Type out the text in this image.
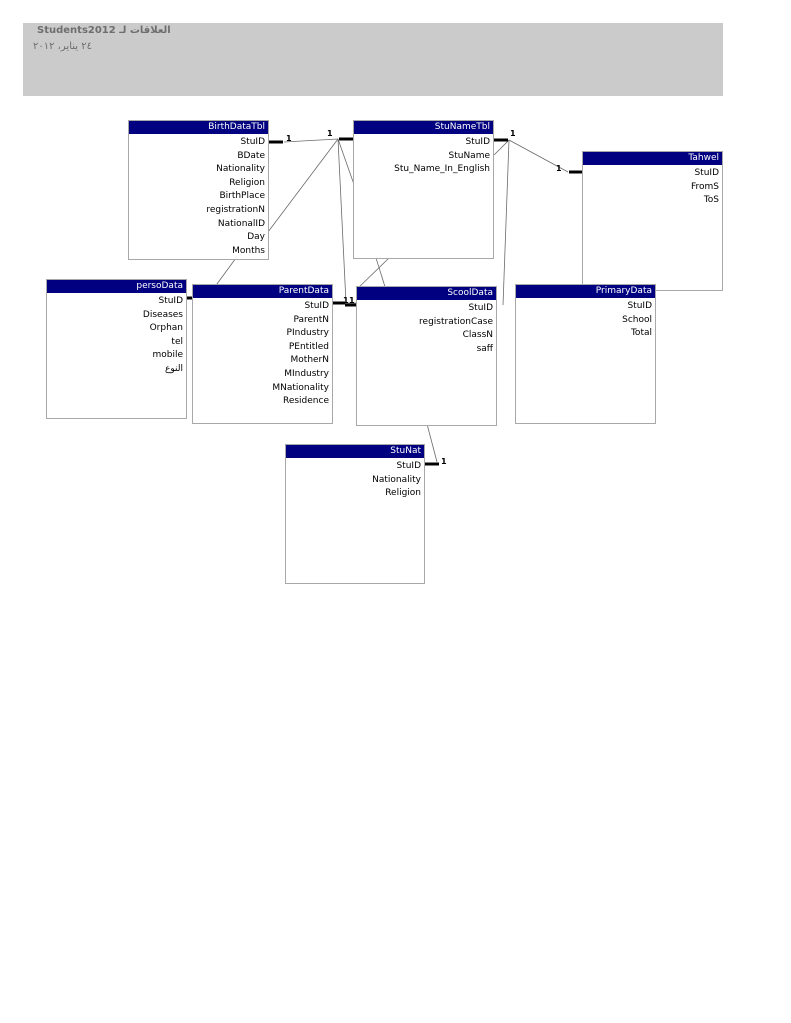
العلاقات لـ Students2012
٢٤ يناير، ٢٠١٢
1
1	1
1
1 1
1
BirthDataTbl
StuID
BDate
Nationality
Religion
BirthPlace
registrationN
NationalID
Day
Months
StuNameTbl
StuID
StuName
Stu_Name_In_English
Tahwel
StuID
FromS
ToS
persoData
StuID
Diseases
Orphan
tel
mobile
النوع
ParentData
StuID
ParentN
PIndustry
PEntitled
MotherN
MIndustry
MNationality
Residence
PrimaryData
StuID
School
Total
ScoolData
StuID
registrationCase
ClassN
saff
StuNat
StuID
Nationality
Religion
